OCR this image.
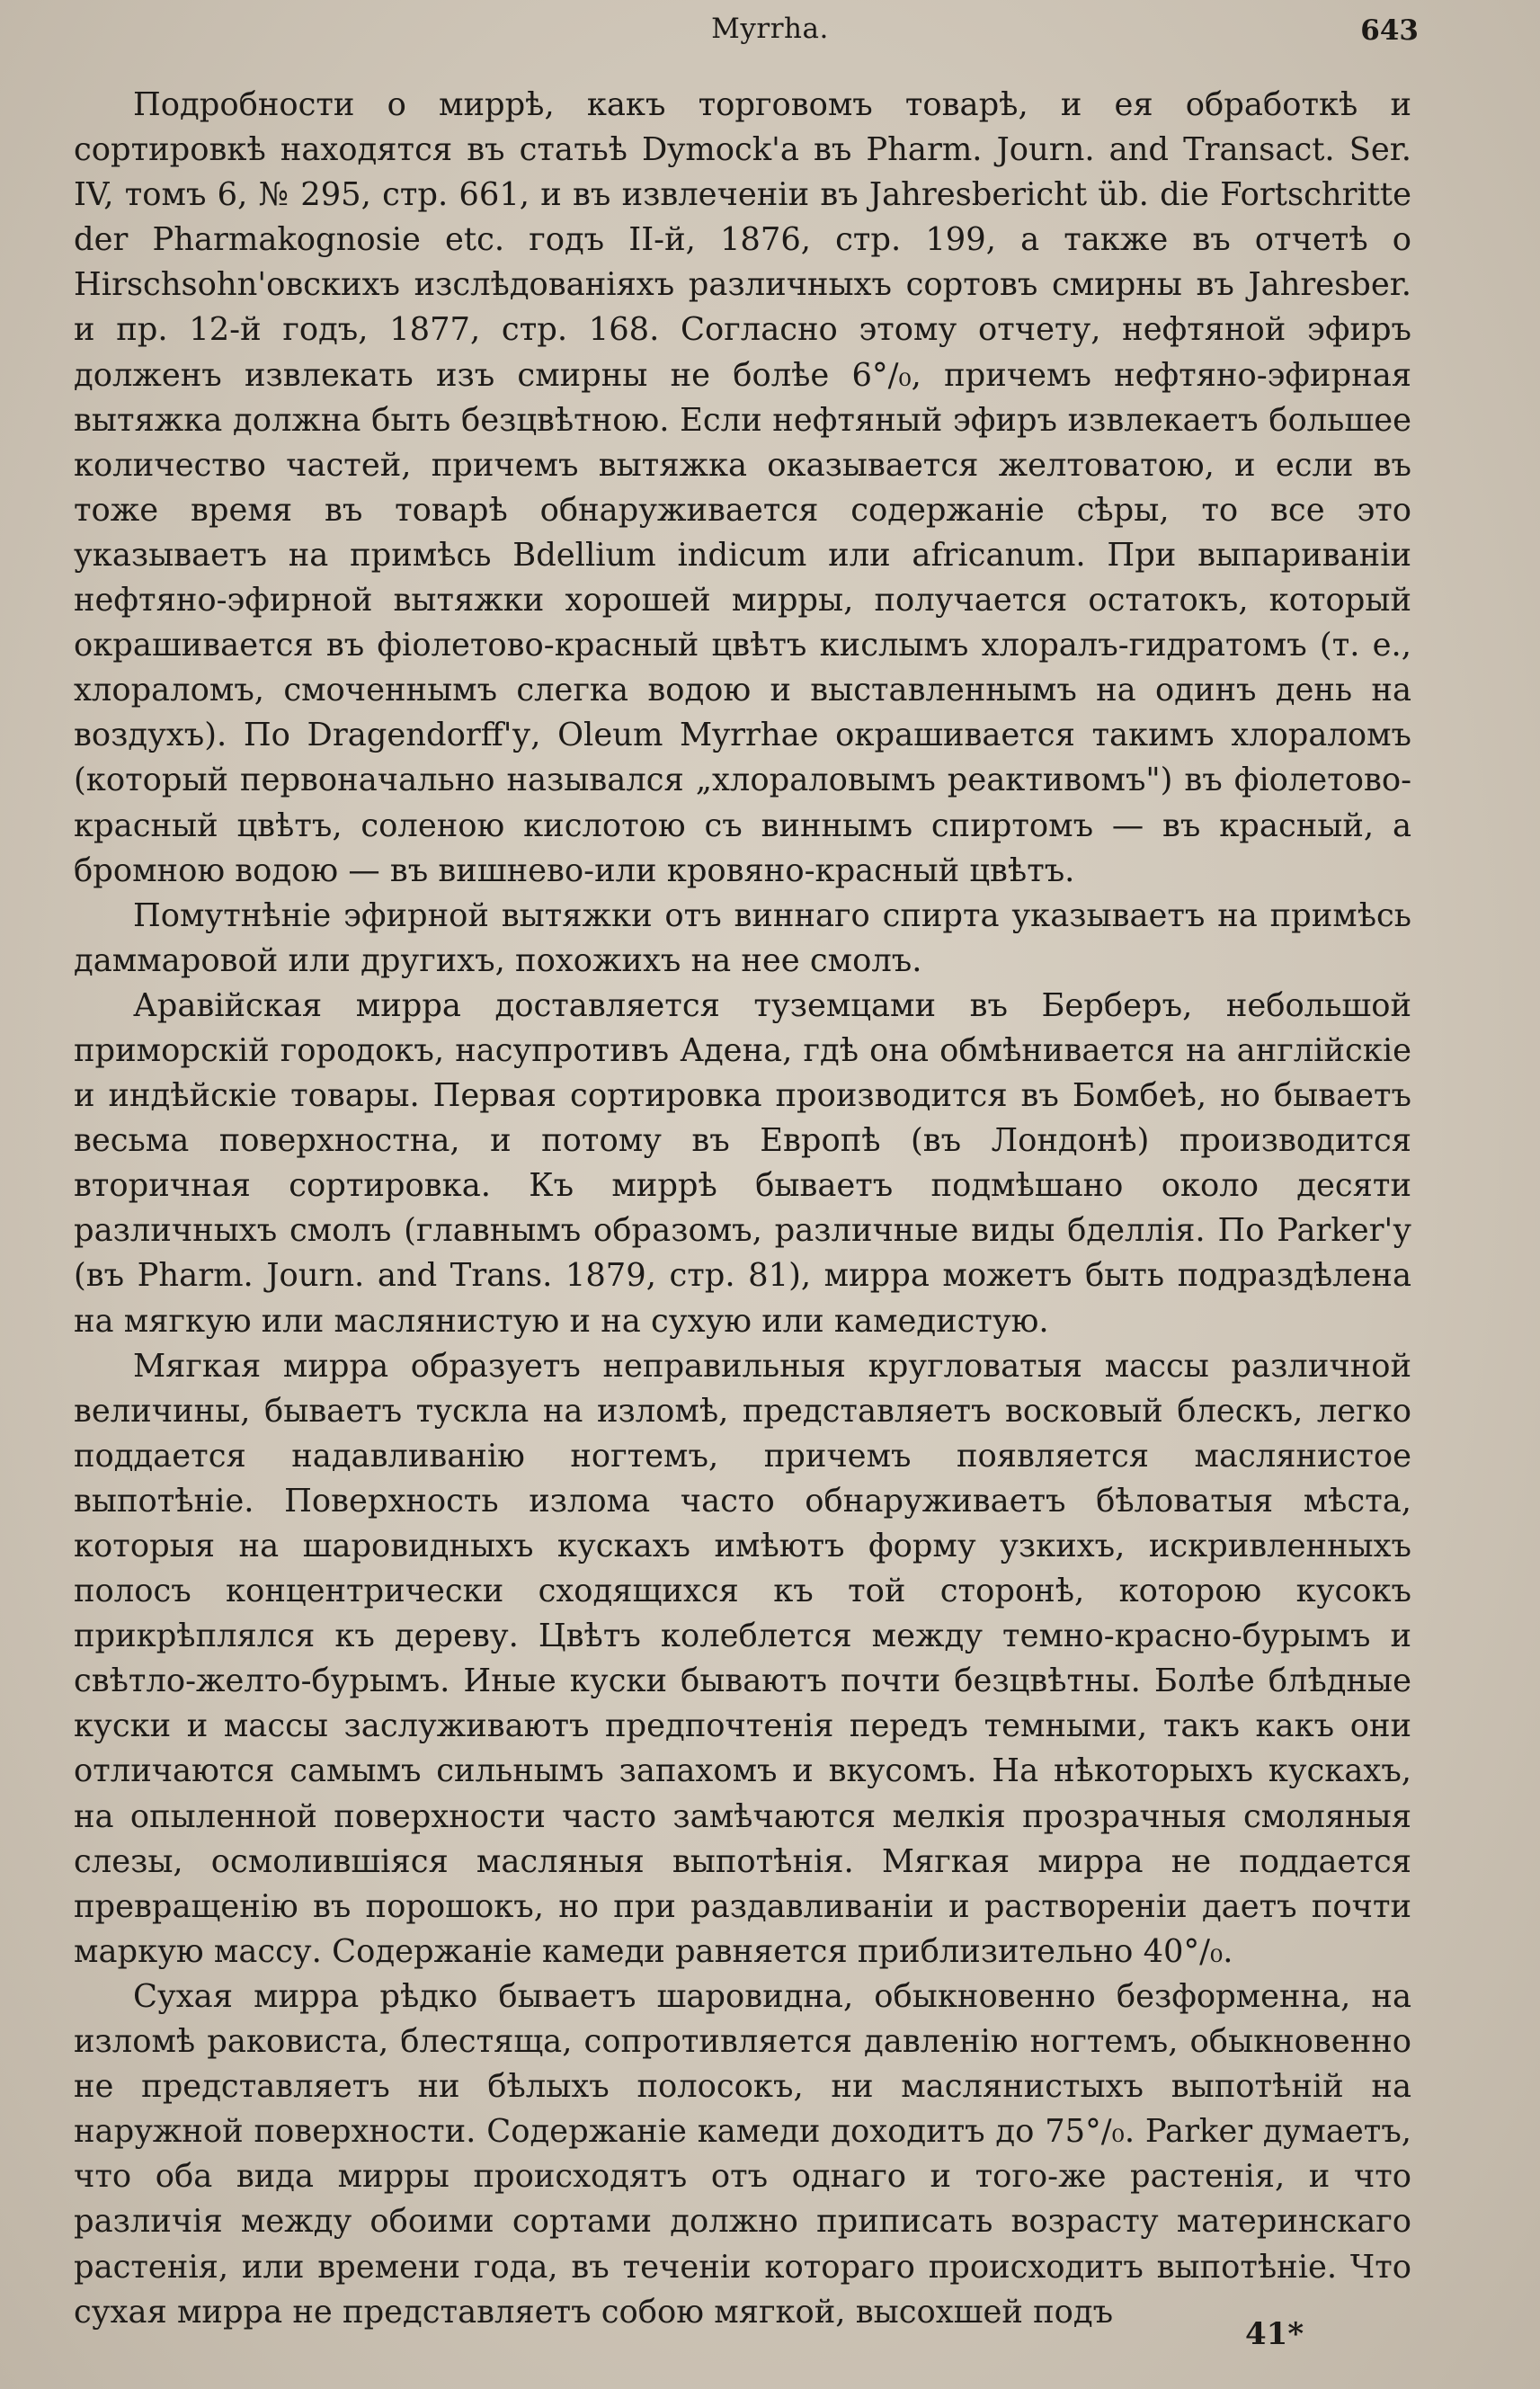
Myrrha.	643

Подробности о миррѣ, какъ торговомъ товарѣ, и ея обработкѣ и сортировкѣ находятся въ статьѣ Dymock'а въ Pharm. Journ. and Transact. Ser. IV, томъ 6, № 295, стр. 661, и въ извлеченіи въ Jahresbericht üb. die Fortschritte der Pharmakognosie etc. годъ II-й, 1876, стр. 199, а также въ отчетѣ о Hirschsohn'овскихъ изслѣдованіяхъ различныхъ сортовъ смирны въ Jahresber. и пр. 12-й годъ, 1877, стр. 168. Согласно этому отчету, нефтяной эфиръ долженъ извлекать изъ смирны не болѣе 6°/₀, причемъ нефтяно-эфирная вытяжка должна быть безцвѣтною. Если нефтяный эфиръ извлекаетъ большее количество частей, причемъ вытяжка оказывается желтоватою, и если въ тоже время въ товарѣ обнаруживается содержаніе сѣры, то все это указываетъ на примѣсь Bdellium indicum или africanum. При выпариваніи нефтяно-эфирной вытяжки хорошей мирры, получается остатокъ, который окрашивается въ фіолетово-красный цвѣтъ кислымъ хлоралъ-гидратомъ (т. е., хлораломъ, смоченнымъ слегка водою и выставленнымъ на одинъ день на воздухъ). По Dragendorff'у, Oleum Myrrhae окрашивается такимъ хлораломъ (который первоначально назывался „хлораловымъ реактивомъ") въ фіолетово-красный цвѣтъ, соленою кислотою съ виннымъ спиртомъ — въ красный, а бромною водою — въ вишнево-или кровяно-красный цвѣтъ.

Помутнѣніе эфирной вытяжки отъ виннаго спирта указываетъ на примѣсь даммаровой или другихъ, похожихъ на нее смолъ.

Аравійская мирра доставляется туземцами въ Берберъ, небольшой приморскій городокъ, насупротивъ Адена, гдѣ она обмѣнивается на англійскіе и индѣйскіе товары. Первая сортировка производится въ Бомбеѣ, но бываетъ весьма поверхностна, и потому въ Европѣ (въ Лондонѣ) производится вторичная сортировка. Къ миррѣ бываетъ подмѣшано около десяти различныхъ смолъ (главнымъ образомъ, различные виды бделлія. По Parker'у (въ Pharm. Journ. and Trans. 1879, стр. 81), мирра можетъ быть подраздѣлена на мягкую или маслянистую и на сухую или камедистую.

Мягкая мирра образуетъ неправильныя кругловатыя массы различной величины, бываетъ тускла на изломѣ, представляетъ восковый блескъ, легко поддается надавливанію ногтемъ, причемъ появляется маслянистое выпотѣніе. Поверхность излома часто обнаруживаетъ бѣловатыя мѣста, которыя на шаровидныхъ кускахъ имѣютъ форму узкихъ, искривленныхъ полосъ концентрически сходящихся къ той сторонѣ, которою кусокъ прикрѣплялся къ дереву. Цвѣтъ колеблется между темно-красно-бурымъ и свѣтло-желто-бурымъ. Иные куски бываютъ почти безцвѣтны. Болѣе блѣдные куски и массы заслуживаютъ предпочтенія передъ темными, такъ какъ они отличаются самымъ сильнымъ запахомъ и вкусомъ. На нѣкоторыхъ кускахъ, на опыленной поверхности часто замѣчаются мелкія прозрачныя смоляныя слезы, осмолившіяся масляныя выпотѣнія. Мягкая мирра не поддается превращенію въ порошокъ, но при раздавливаніи и раствореніи даетъ почти маркую массу. Содержаніе камеди равняется приблизительно 40°/₀.

Сухая мирра рѣдко бываетъ шаровидна, обыкновенно безформенна, на изломѣ раковиста, блестяща, сопротивляется давленію ногтемъ, обыкновенно не представляетъ ни бѣлыхъ полосокъ, ни маслянистыхъ выпотѣній на наружной поверхности. Содержаніе камеди доходитъ до 75°/₀. Parker думаетъ, что оба вида мирры происходятъ отъ однаго и того-же растенія, и что различія между обоими сортами должно приписать возрасту материнскаго растенія, или времени года, въ теченіи котораго происходитъ выпотѣніе. Что сухая мирра не представляетъ собою мягкой, высохшей подъ

41*
